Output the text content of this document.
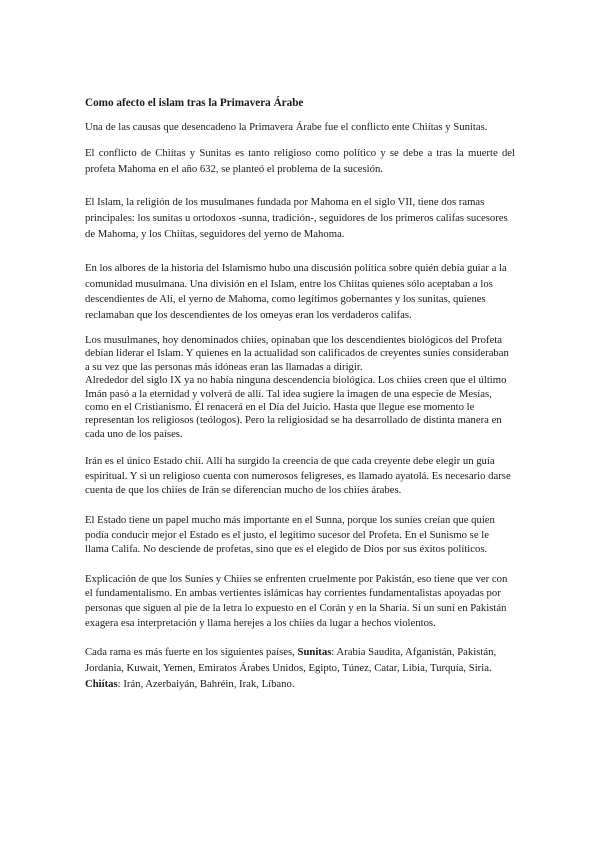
Como afecto el islam tras la Primavera Árabe

Una de las causas que desencadeno la Primavera Árabe fue el conflicto ente Chiítas y Sunitas.

El conflicto de Chiítas y Sunitas es tanto religioso como político y se debe a tras la muerte del profeta Mahoma en el año 632, se planteó el problema de la sucesión.

El Islam, la religión de los musulmanes fundada por Mahoma en el siglo VII, tiene dos ramas principales: los sunitas u ortodoxos -sunna, tradición-, seguidores de los primeros califas sucesores de Mahoma, y los Chiítas, seguidores del yerno de Mahoma.

En los albores de la historia del Islamismo hubo una discusión política sobre quién debía guiar a la comunidad musulmana. Una división en el Islam, entre los Chiítas quienes sólo aceptaban a los descendientes de Alí, el yerno de Mahoma, como legítimos gobernantes y los sunitas, quienes reclamaban que los descendientes de los omeyas eran los verdaderos califas.

Los musulmanes, hoy denominados chiíes, opinaban que los descendientes biológicos del Profeta debían liderar el Islam. Y quienes en la actualidad son calificados de creyentes suníes consideraban a su vez que las personas más idóneas eran las llamadas a dirigir.

Alrededor del siglo IX ya no había ninguna descendencia biológica. Los chiíes creen que el último Imán pasó a la eternidad y volverá de allí. Tal idea sugiere la imagen de una especie de Mesías, como en el Cristianismo. Él renacerá en el Día del Juicio. Hasta que llegue ese momento le representan los religiosos (teólogos). Pero la religiosidad se ha desarrollado de distinta manera en cada uno de los países.

Irán es el único Estado chií. Allí ha surgido la creencia de que cada creyente debe elegir un guía espiritual. Y si un religioso cuenta con numerosos feligreses, es llamado ayatolá. Es necesario darse cuenta de que los chiíes de Irán se diferencian mucho de los chiíes árabes.

El Estado tiene un papel mucho más importante en el Sunna, porque los suníes creían que quien podía conducir mejor el Estado es el justo, el legítimo sucesor del Profeta. En el Sunismo se le llama Califa. No desciende de profetas, sino que es el elegido de Dios por sus éxitos políticos.

Explicación de que los Suníes y Chiíes se enfrenten cruelmente por Pakistán, eso tiene que ver con el fundamentalismo. En ambas vertientes islámicas hay corrientes fundamentalistas apoyadas por personas que siguen al pie de la letra lo expuesto en el Corán y en la Sharia. Si un suní en Pakistán exagera esa interpretación y llama herejes a los chiíes da lugar a hechos violentos.

Cada rama es más fuerte en los siguientes países, Sunitas: Arabia Saudita, Afganistán, Pakistán, Jordania, Kuwait, Yemen, Emiratos Árabes Unidos, Egipto, Túnez, Catar, Libia, Turquía, Siria. Chiítas: Irán, Azerbaiyán, Bahréin, Irak, Líbano.
